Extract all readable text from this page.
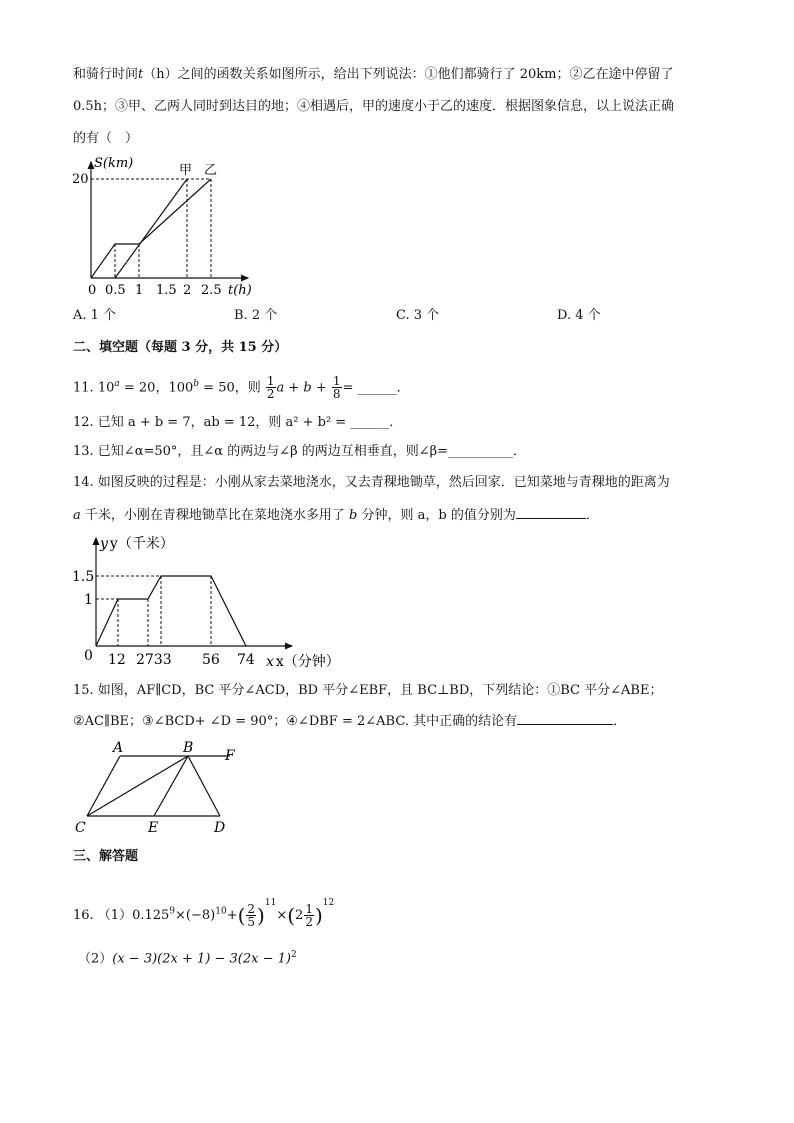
和骑行时间t（h）之间的函数关系如图所示，给出下列说法：①他们都骑行了 20km；②乙在途中停留了
0.5h；③甲、乙两人同时到达目的地；④相遇后，甲的速度小于乙的速度．根据图象信息，以上说法正确
的有（　）
S(km)
20
甲 乙
0 0.5 1 1.5 2 2.5 t(h)
A. 1 个	B. 2 个	C. 3 个	D. 4 个
二、填空题（每题 3 分，共 15 分）
11. $10^a = 20$，$100^b = 50$，则 $\frac{1}{2}$ $a + b + \frac{1}{8}$ = ______．
12. 已知 a + b = 7，ab = 12，则 a² + b² = ______．
13. 已知∠α=50°，且∠α 的两边与∠β 的两边互相垂直，则∠β=__________．
14. 如图反映的过程是：小刚从家去菜地浇水，又去青稞地锄草，然后回家．已知菜地与青稞地的距离为
a 千米，小刚在青稞地锄草比在菜地浇水多用了 b 分钟，则 a，b 的值分别为	．
y y（千米）
1.5
1
0 12 2733 56 74 x x（分钟）
15. 如图，AF∥CD，BC 平分∠ACD，BD 平分∠EBF，且 BC⊥BD，下列结论：①BC 平分∠ABE；
②AC∥BE；③∠BCD+ ∠D = 90°；④∠DBF = 2∠ABC. 其中正确的结论有	．
A	B F
C	E	D
三、解答题
16. $(1)0.125^9\times(-8)^{10}+( \frac{2}{5} )^{11}\times(2 \frac{1}{2} )^{12}$
$(2)(x - 3)(2x + 1) - 3(2x - 1)^2$
